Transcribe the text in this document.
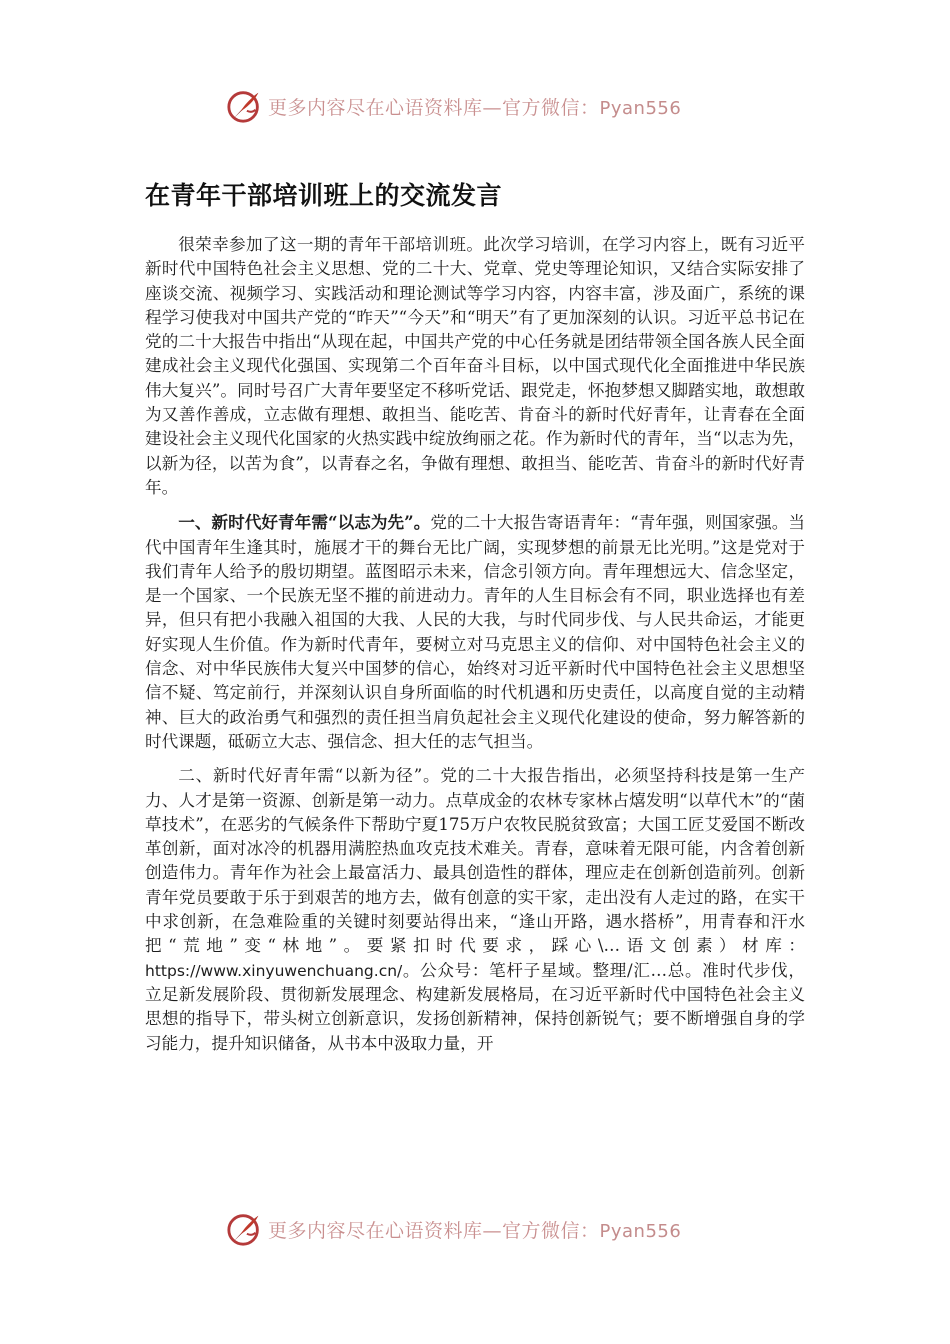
更多内容尽在心语资料库—官方微信：Pyan556
在青年干部培训班上的交流发言

很荣幸参加了这一期的青年干部培训班。此次学习培训，在学习内容上，既有习近平新时代中国特色社会主义思想、党的二十大、党章、党史等理论知识，又结合实际安排了座谈交流、视频学习、实践活动和理论测试等学习内容，内容丰富，涉及面广，系统的课程学习使我对中国共产党的“昨天”“今天”和“明天”有了更加深刻的认识。习近平总书记在党的二十大报告中指出“从现在起，中国共产党的中心任务就是团结带领全国各族人民全面建成社会主义现代化强国、实现第二个百年奋斗目标，以中国式现代化全面推进中华民族伟大复兴”。同时号召广大青年要坚定不移听党话、跟党走，怀抱梦想又脚踏实地，敢想敢为又善作善成，立志做有理想、敢担当、能吃苦、肯奋斗的新时代好青年，让青春在全面建设社会主义现代化国家的火热实践中绽放绚丽之花。作为新时代的青年，当“以志为先，以新为径，以苦为食”，以青春之名，争做有理想、敢担当、能吃苦、肯奋斗的新时代好青年。

一、新时代好青年需“以志为先”。党的二十大报告寄语青年：“青年强，则国家强。当代中国青年生逢其时，施展才干的舞台无比广阔，实现梦想的前景无比光明。”这是党对于我们青年人给予的殷切期望。蓝图昭示未来，信念引领方向。青年理想远大、信念坚定，是一个国家、一个民族无坚不摧的前进动力。青年的人生目标会有不同，职业选择也有差异，但只有把小我融入祖国的大我、人民的大我，与时代同步伐、与人民共命运，才能更好实现人生价值。作为新时代青年，要树立对马克思主义的信仰、对中国特色社会主义的信念、对中华民族伟大复兴中国梦的信心，始终对习近平新时代中国特色社会主义思想坚信不疑、笃定前行，并深刻认识自身所面临的时代机遇和历史责任，以高度自觉的主动精神、巨大的政治勇气和强烈的责任担当肩负起社会主义现代化建设的使命，努力解答新的时代课题，砥砺立大志、强信念、担大任的志气担当。

二、新时代好青年需“以新为径”。党的二十大报告指出，必须坚持科技是第一生产力、人才是第一资源、创新是第一动力。点草成金的农林专家林占熺发明“以草代木”的“菌草技术”，在恶劣的气候条件下帮助宁夏175万户农牧民脱贫致富；大国工匠艾爱国不断改革创新，面对冰冷的机器用满腔热血攻克技术难关。青春，意味着无限可能，内含着创新创造伟力。青年作为社会上最富活力、最具创造性的群体，理应走在创新创造前列。创新青年党员要敢于乐于到艰苦的地方去，做有创意的实干家，走出没有人走过的路，在实干中求创新，在急难险重的关键时刻要站得出来，“逢山开路，遇水搭桥”，用青春和汗水把“荒地”变“林地”。要紧扣时代要求，踩心\…语文创素）材库：https://www.xinyuwenchuang.cn/。公众号：笔杆子星域。整理/汇…总。准时代步伐，立足新发展阶段、贯彻新发展理念、构建新发展格局，在习近平新时代中国特色社会主义思想的指导下，带头树立创新意识，发扬创新精神，保持创新锐气；要不断增强自身的学习能力，提升知识储备，从书本中汲取力量，开

更多内容尽在心语资料库—官方微信：Pyan556
